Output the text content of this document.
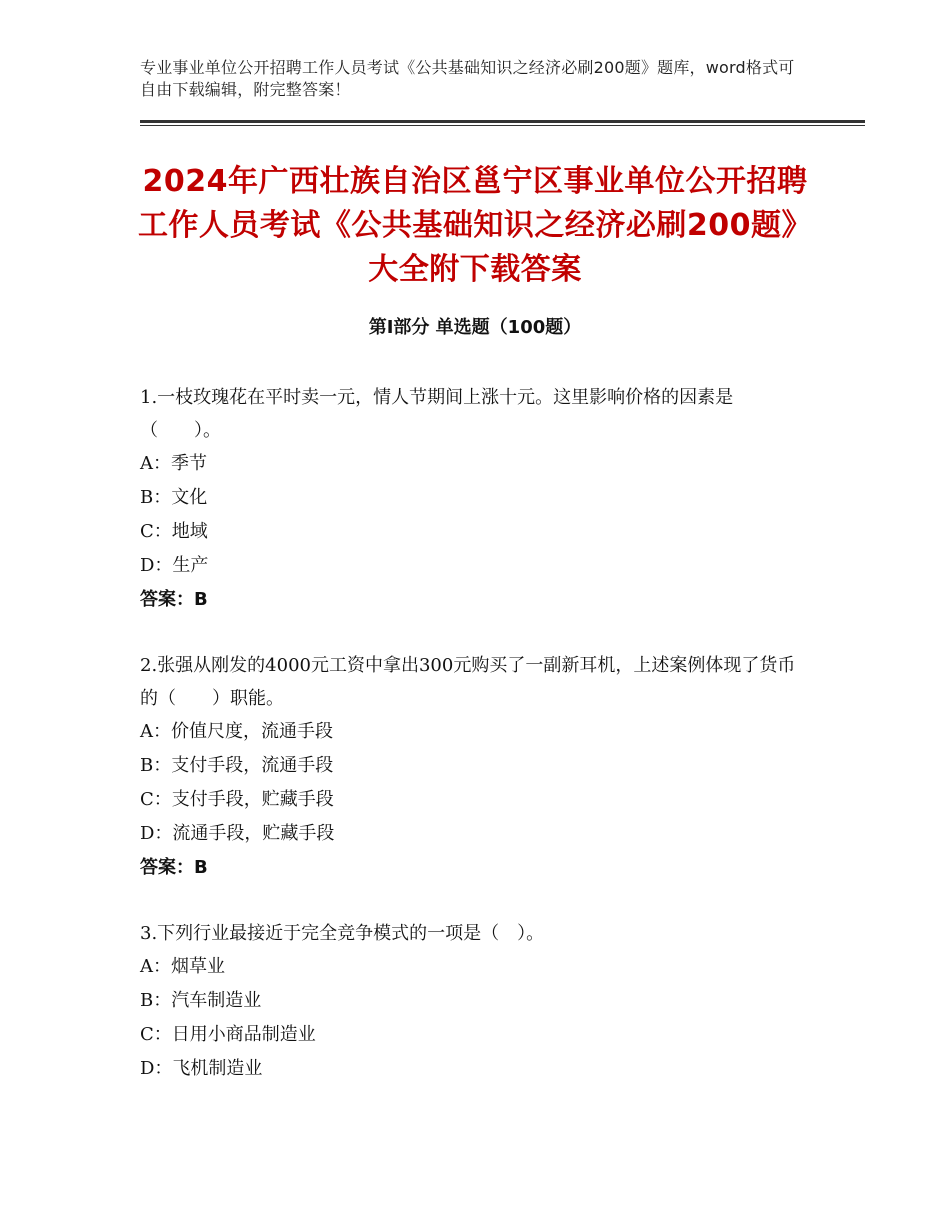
专业事业单位公开招聘工作人员考试《公共基础知识之经济必刷200题》题库，word格式可自由下载编辑，附完整答案！
2024年广西壮族自治区邕宁区事业单位公开招聘工作人员考试《公共基础知识之经济必刷200题》大全附下载答案
第Ⅰ部分 单选题（100题）
1.一枝玫瑰花在平时卖一元，情人节期间上涨十元。这里影响价格的因素是（　　）。
A：季节
B：文化
C：地域
D：生产
答案：B
2.张强从刚发的4000元工资中拿出300元购买了一副新耳机，上述案例体现了货币的（　　）职能。
A：价值尺度，流通手段
B：支付手段，流通手段
C：支付手段，贮藏手段
D：流通手段，贮藏手段
答案：B
3.下列行业最接近于完全竞争模式的一项是（　）。
A：烟草业
B：汽车制造业
C：日用小商品制造业
D：飞机制造业
